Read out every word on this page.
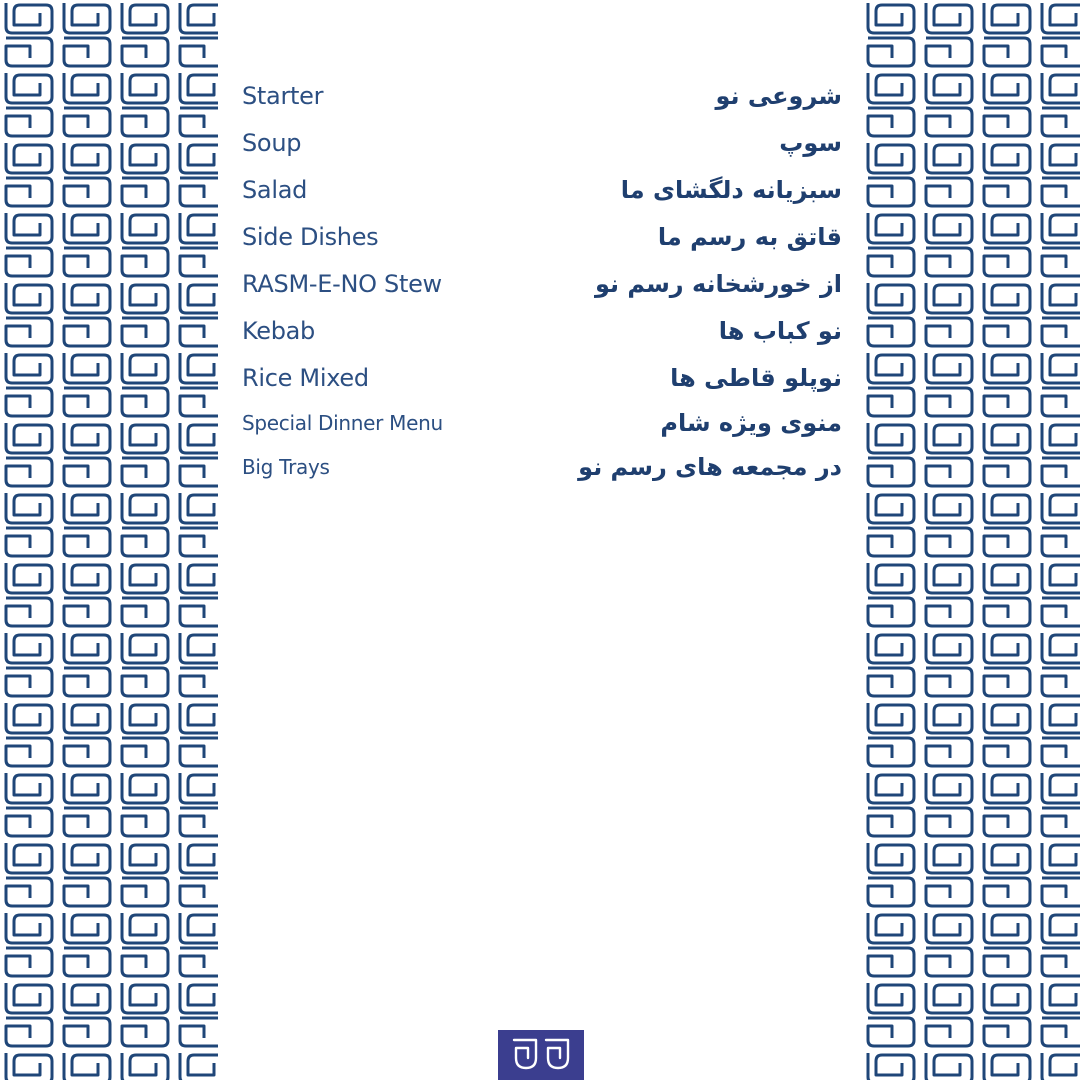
Starter	شروعی نو
Soup	سوپ
Salad	سبزیانه دلگشای ما
Side Dishes	قاتق به رسم ما
RASM-E-NO Stew	از خورشخانه رسم نو
Kebab	نو کباب ها
Rice Mixed	نوپلو قاطی ها
Special Dinner Menu	منوی ویژه شام
Big Trays	در مجمعه های رسم نو
